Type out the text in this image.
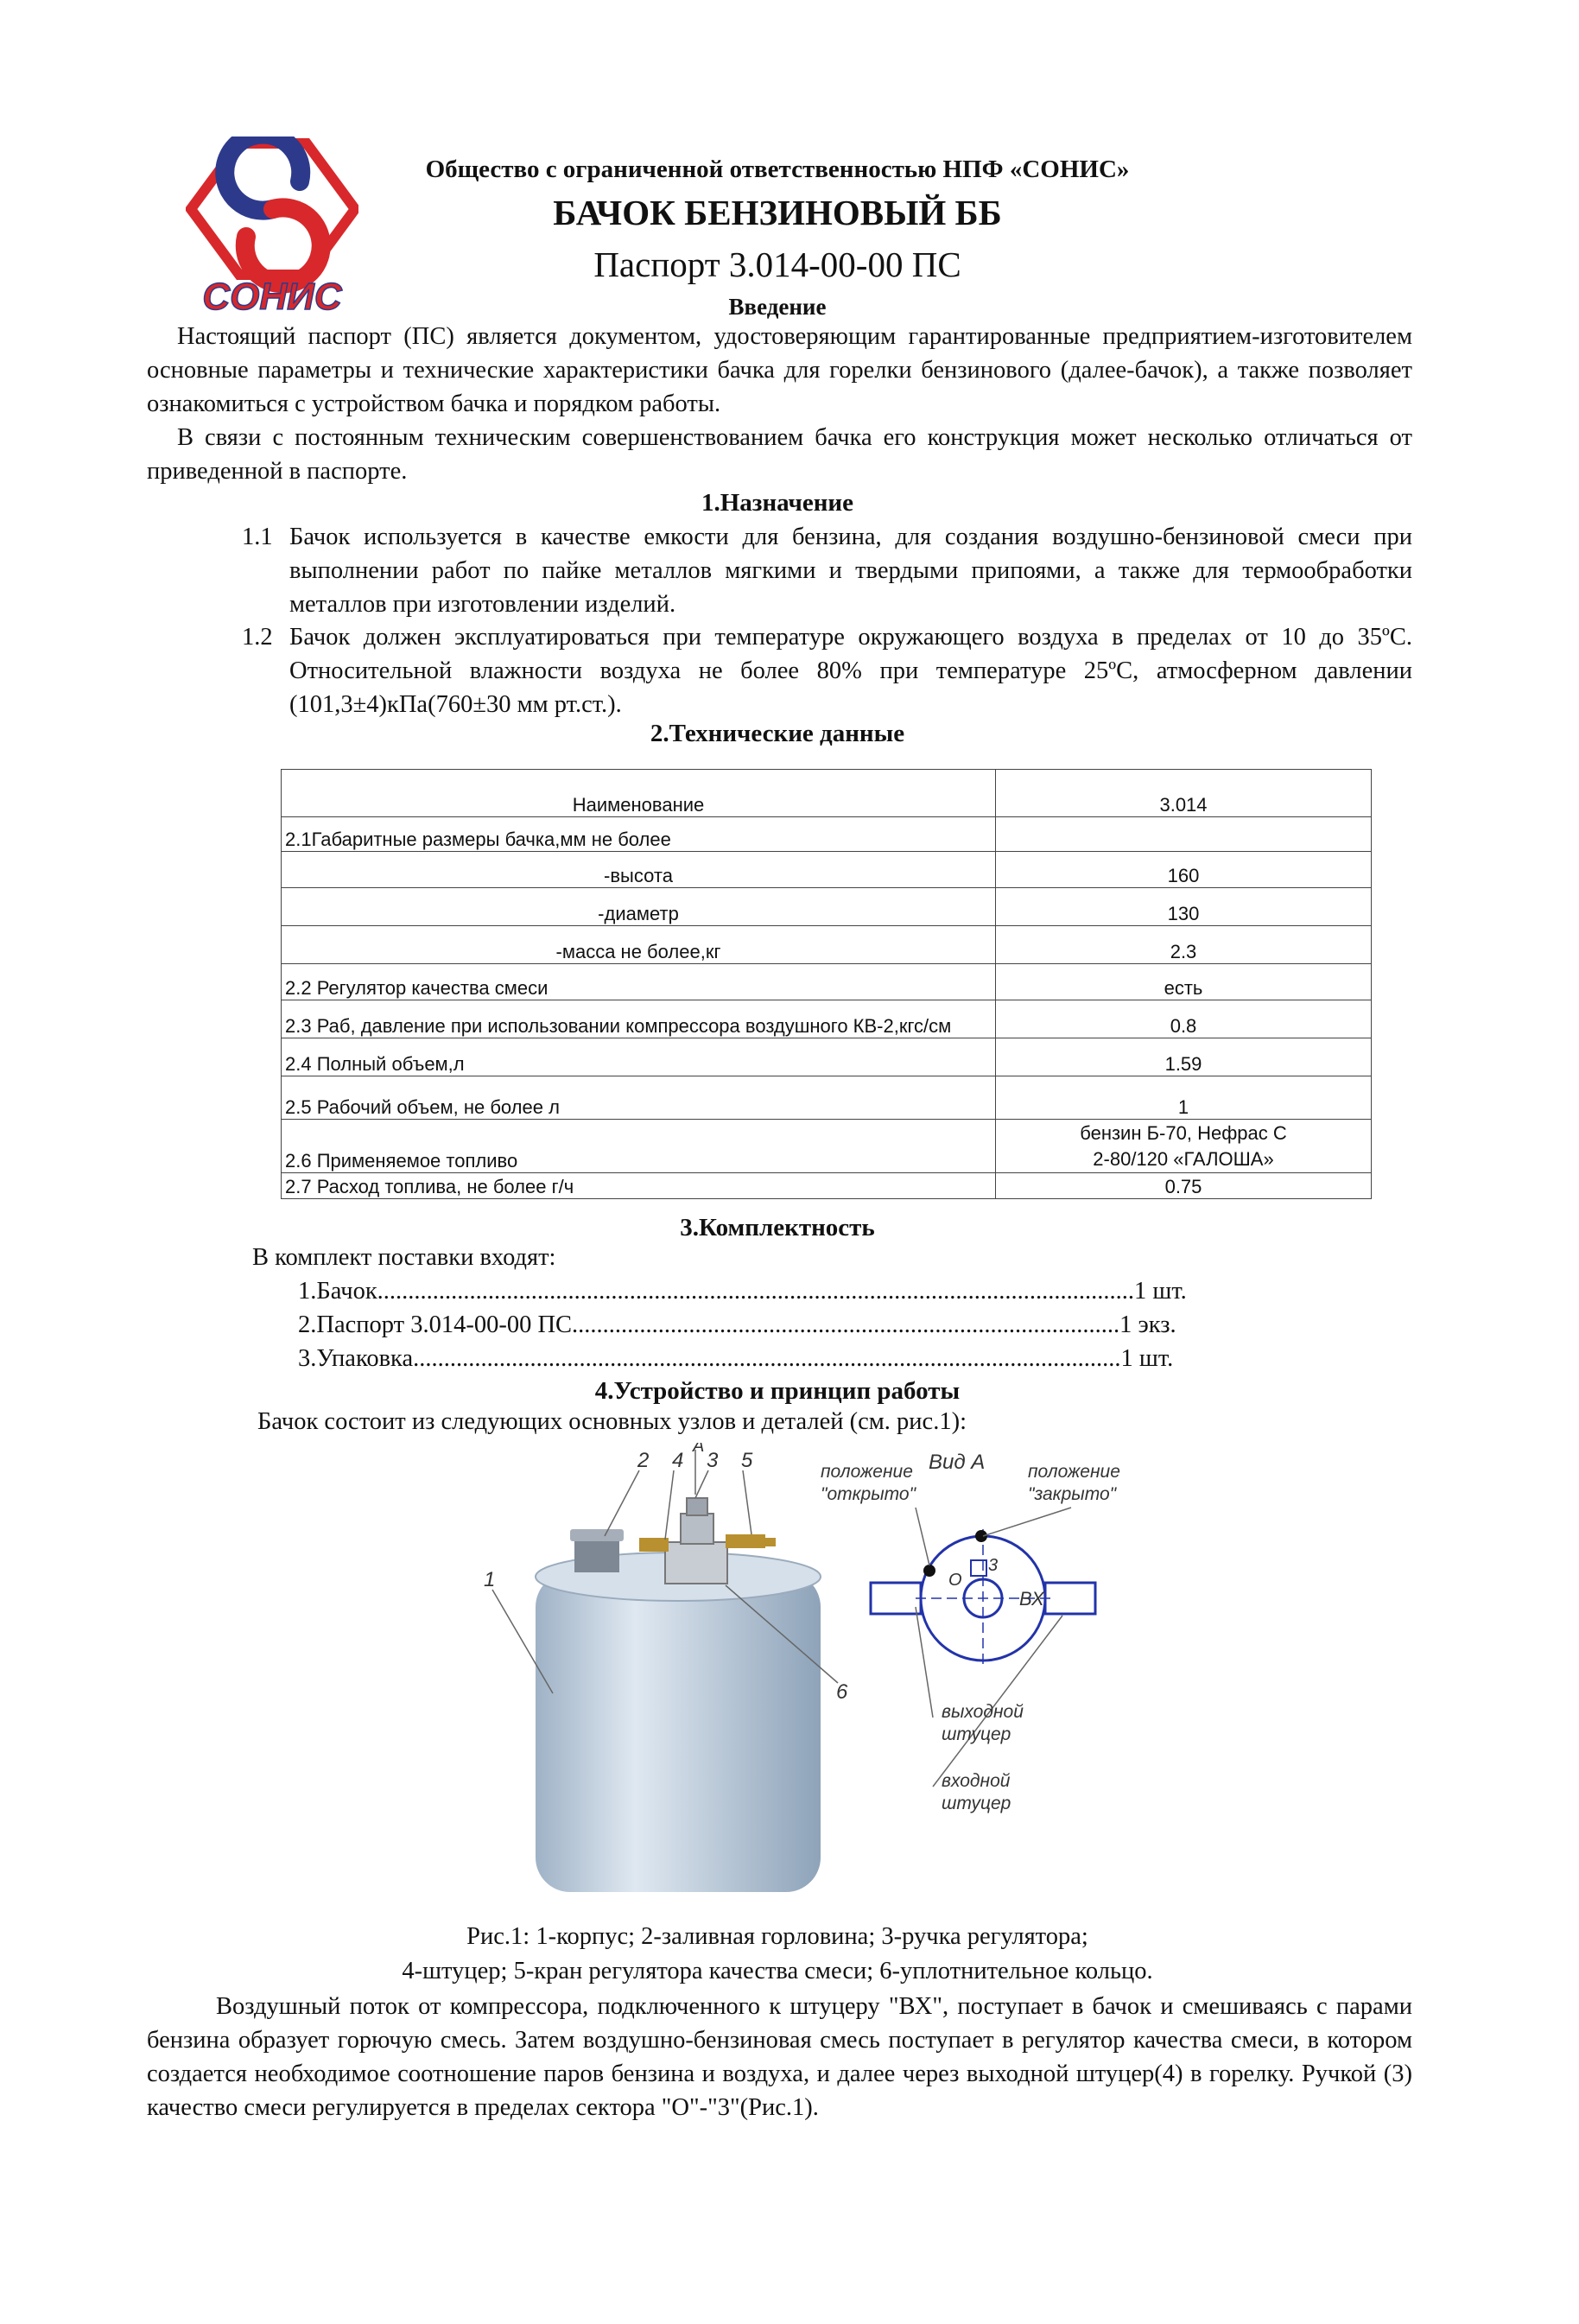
СОНИС
Общество с ограниченной ответственностью НПФ «СОНИС»
БАЧОК БЕНЗИНОВЫЙ ББ
Паспорт 3.014-00-00 ПС
Введение
Настоящий паспорт (ПС) является документом, удостоверяющим гарантированные предприятием-изготовителем основные параметры и технические характеристики бачка для горелки бензинового (далее-бачок), а также позволяет ознакомиться с устройством бачка и порядком работы.
В связи с постоянным техническим совершенствованием бачка его конструкция может несколько отличаться от приведенной в паспорте.
1.Назначение
1.1 Бачок используется в качестве емкости для бензина, для создания воздушно-бензиновой смеси при выполнении работ по пайке металлов мягкими и твердыми припоями, а также для термообработки металлов при изготовлении изделий.
1.2 Бачок должен эксплуатироваться при температуре окружающего воздуха в пределах от 10 до 35ºС. Относительной влажности воздуха не более 80% при температуре 25ºС, атмосферном давлении (101,3±4)кПа(760±30 мм рт.ст.).
2.Технические данные
Наименование	3.014
2.1Габаритные размеры бачка,мм не более	
-высота	160
-диаметр	130
-масса не более,кг	2.3
2.2 Регулятор качества смеси	есть
2.3 Раб, давление при использовании компрессора воздушного КВ-2,кгс/см	0.8
2.4 Полный объем,л	1.59
2.5 Рабочий объем, не более л	1
2.6 Применяемое топливо	бензин Б-70, Нефрас С 2-80/120 «ГАЛОША»
2.7 Расход топлива, не более г/ч	0.75
3.Комплектность
В комплект поставки входят:
1.Бачок...........................................................................................................................1 шт.
2.Паспорт 3.014-00-00 ПС.........................................................................................1 экз.
3.Упаковка...................................................................................................................1 шт.
4.Устройство и принцип работы
Бачок состоит из следующих основных узлов и деталей (см. рис.1):
1
2 4 3 5
6
A
Вид А
О
3
ВХ
положение
"открыто"
положение
"закрыто"
выходной
штуцер
входной
штуцер
Рис.1: 1-корпус; 2-заливная горловина; 3-ручка регулятора;
4-штуцер; 5-кран регулятора качества смеси; 6-уплотнительное кольцо.
Воздушный поток от компрессора, подключенного к штуцеру "ВХ", поступает в бачок и смешиваясь с парами бензина образует горючую смесь. Затем воздушно-бензиновая смесь поступает в регулятор качества смеси, в котором создается необходимое соотношение паров бензина и воздуха, и далее через выходной штуцер(4) в горелку. Ручкой (3) качество смеси регулируется в пределах сектора "О"-"3"(Рис.1).
